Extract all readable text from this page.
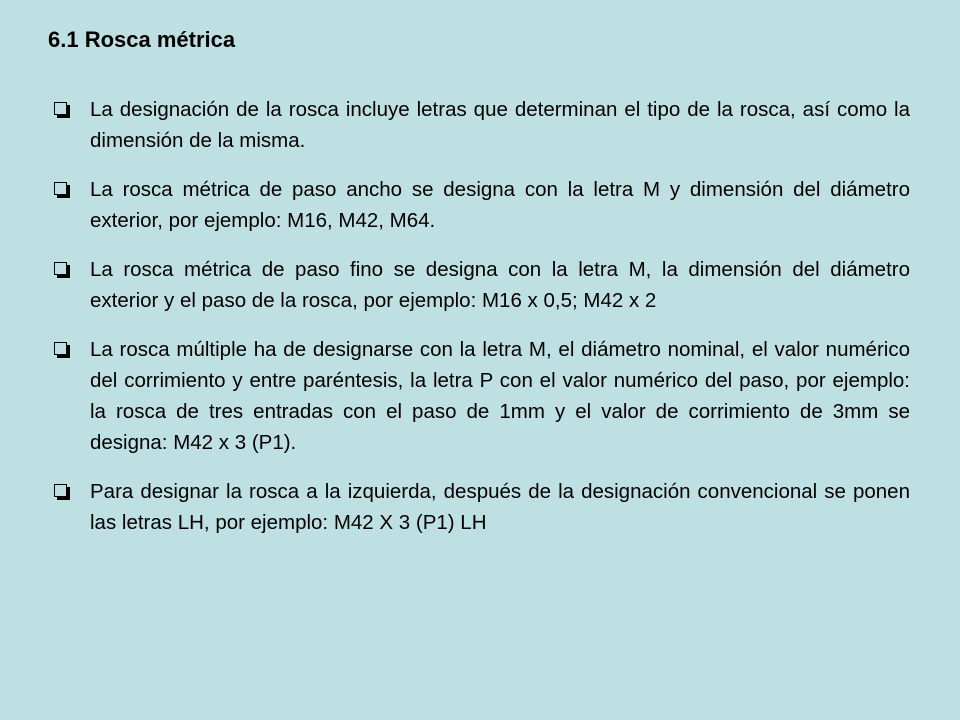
6.1 Rosca métrica
La designación de la rosca incluye letras que determinan el tipo de la rosca, así como la dimensión de la misma.
La rosca métrica de paso ancho se designa con la letra M y dimensión del diámetro exterior, por ejemplo: M16, M42, M64.
La rosca métrica de paso fino se designa con la letra M, la dimensión del diámetro exterior y el paso de la rosca, por ejemplo: M16 x 0,5; M42 x 2
La rosca múltiple ha de designarse con la letra M, el diámetro nominal, el valor numérico del corrimiento y entre paréntesis, la letra P con el valor numérico del paso, por ejemplo: la rosca de tres entradas con el paso de 1mm y el valor de corrimiento de 3mm se designa: M42 x 3 (P1).
Para designar la rosca a la izquierda, después de la designación convencional se ponen las letras LH, por ejemplo: M42 X 3 (P1) LH
